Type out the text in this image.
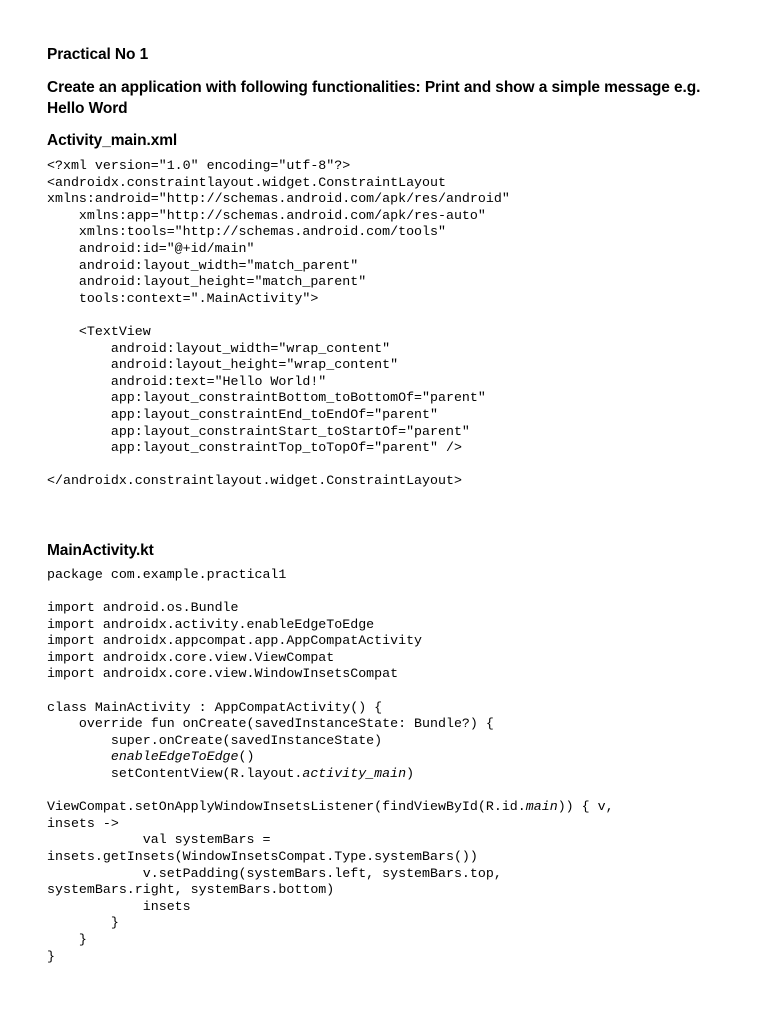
Practical No 1
Create an application with following functionalities: Print and show a simple message e.g. Hello Word
Activity_main.xml
<?xml version="1.0" encoding="utf-8"?>
<androidx.constraintlayout.widget.ConstraintLayout
xmlns:android="http://schemas.android.com/apk/res/android"
xmlns:app="http://schemas.android.com/apk/res-auto"
xmlns:tools="http://schemas.android.com/tools"
android:id="@+id/main"
android:layout_width="match_parent"
android:layout_height="match_parent"
tools:context=".MainActivity">

<TextView
android:layout_width="wrap_content"
android:layout_height="wrap_content"
android:text="Hello World!"
app:layout_constraintBottom_toBottomOf="parent"
app:layout_constraintEnd_toEndOf="parent"
app:layout_constraintStart_toStartOf="parent"
app:layout_constraintTop_toTopOf="parent" />

</androidx.constraintlayout.widget.ConstraintLayout>
MainActivity.kt
package com.example.practical1

import android.os.Bundle
import androidx.activity.enableEdgeToEdge
import androidx.appcompat.app.AppCompatActivity
import androidx.core.view.ViewCompat
import androidx.core.view.WindowInsetsCompat

class MainActivity : AppCompatActivity() {
override fun onCreate(savedInstanceState: Bundle?) {
super.onCreate(savedInstanceState)
enableEdgeToEdge()
setContentView(R.layout.activity_main)

ViewCompat.setOnApplyWindowInsetsListener(findViewById(R.id.main)) { v,
insets ->
val systemBars =
insets.getInsets(WindowInsetsCompat.Type.systemBars())
v.setPadding(systemBars.left, systemBars.top,
systemBars.right, systemBars.bottom)
insets
}
}
}
